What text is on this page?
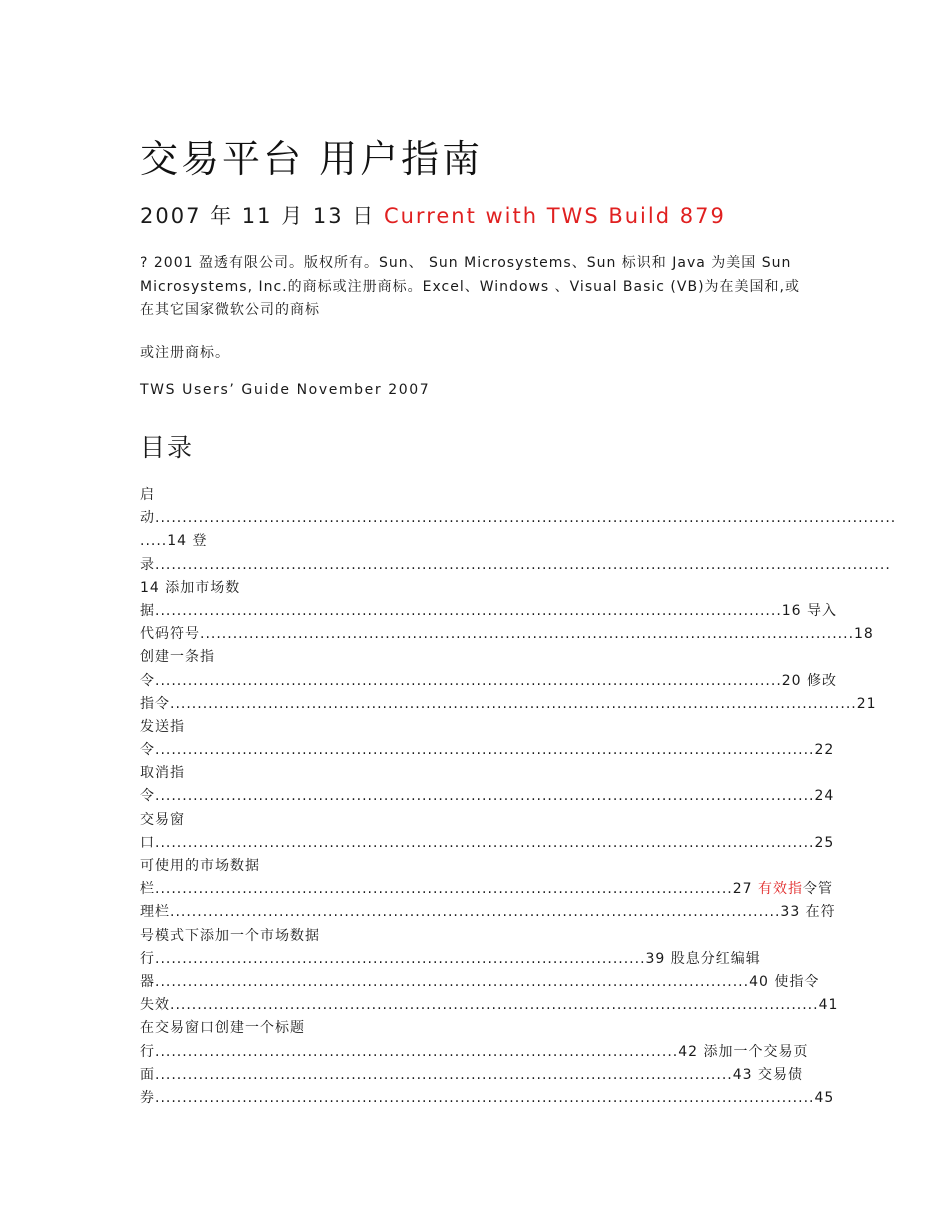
交易平台 用户指南
2007 年 11 月 13 日 Current with TWS Build 879
? 2001 盈透有限公司。版权所有。Sun、 Sun Microsystems、Sun 标识和 Java 为美国 Sun Microsystems, Inc.的商标或注册商标。Excel、Windows 、Visual Basic (VB)为在美国和,或在其它国家微软公司的商标
或注册商标。
TWS Users’ Guide November 2007
目录
启
动........................................................................................................................................
.....14 登
录.......................................................................................................................................
14 添加市场数
据...................................................................................................................16 导入
代码符号........................................................................................................................18
创建一条指
令...................................................................................................................20 修改
指令..............................................................................................................................21
发送指
令.........................................................................................................................22
取消指
令.........................................................................................................................24
交易窗
口.........................................................................................................................25
可使用的市场数据
栏..........................................................................................................27 有效指令管
理栏................................................................................................................33 在符
号模式下添加一个市场数据
行..........................................................................................39 股息分红编辑
器.............................................................................................................40 使指令
失效.......................................................................................................................41
在交易窗口创建一个标题
行................................................................................................42 添加一个交易页
面..........................................................................................................43 交易债
券.........................................................................................................................45
